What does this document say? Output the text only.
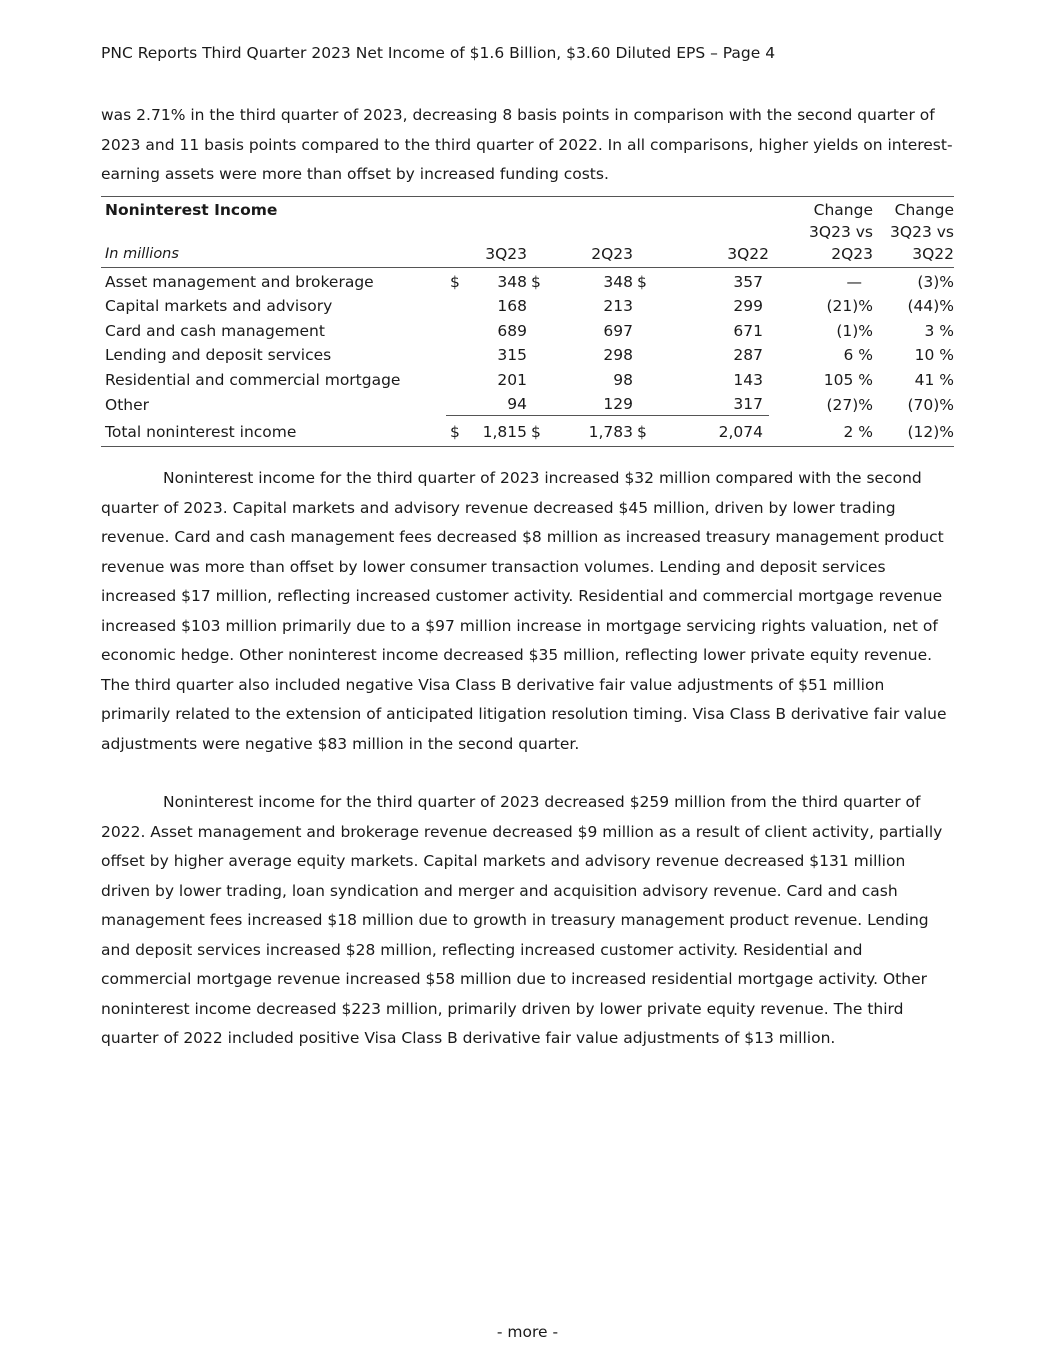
PNC Reports Third Quarter 2023 Net Income of $1.6 Billion, $3.60 Diluted EPS – Page 4

was 2.71% in the third quarter of 2023, decreasing 8 basis points in comparison with the second quarter of 2023 and 11 basis points compared to the third quarter of 2022. In all comparisons, higher yields on interest-earning assets were more than offset by increased funding costs.

Noninterest Income							Change	Change
							3Q23 vs	3Q23 vs
In millions	3Q23		2Q23		3Q22		2Q23	3Q22
Asset management and brokerage	$	348	$	348	$	357	—	(3)%
Capital markets and advisory		168		213		299	(21)%	(44)%
Card and cash management		689		697		671	(1)%	3 %
Lending and deposit services		315		298		287	6 %	10 %
Residential and commercial mortgage		201		98		143	105 %	41 %
Other		94		129		317	(27)%	(70)%
Total noninterest income	$	1,815	$	1,783	$	2,074	2 %	(12)%

Noninterest income for the third quarter of 2023 increased $32 million compared with the second quarter of 2023. Capital markets and advisory revenue decreased $45 million, driven by lower trading revenue. Card and cash management fees decreased $8 million as increased treasury management product revenue was more than offset by lower consumer transaction volumes. Lending and deposit services increased $17 million, reflecting increased customer activity. Residential and commercial mortgage revenue increased $103 million primarily due to a $97 million increase in mortgage servicing rights valuation, net of economic hedge. Other noninterest income decreased $35 million, reflecting lower private equity revenue. The third quarter also included negative Visa Class B derivative fair value adjustments of $51 million primarily related to the extension of anticipated litigation resolution timing. Visa Class B derivative fair value adjustments were negative $83 million in the second quarter.

Noninterest income for the third quarter of 2023 decreased $259 million from the third quarter of 2022. Asset management and brokerage revenue decreased $9 million as a result of client activity, partially offset by higher average equity markets. Capital markets and advisory revenue decreased $131 million driven by lower trading, loan syndication and merger and acquisition advisory revenue. Card and cash management fees increased $18 million due to growth in treasury management product revenue. Lending and deposit services increased $28 million, reflecting increased customer activity. Residential and commercial mortgage revenue increased $58 million due to increased residential mortgage activity. Other noninterest income decreased $223 million, primarily driven by lower private equity revenue. The third quarter of 2022 included positive Visa Class B derivative fair value adjustments of $13 million.

- more -
